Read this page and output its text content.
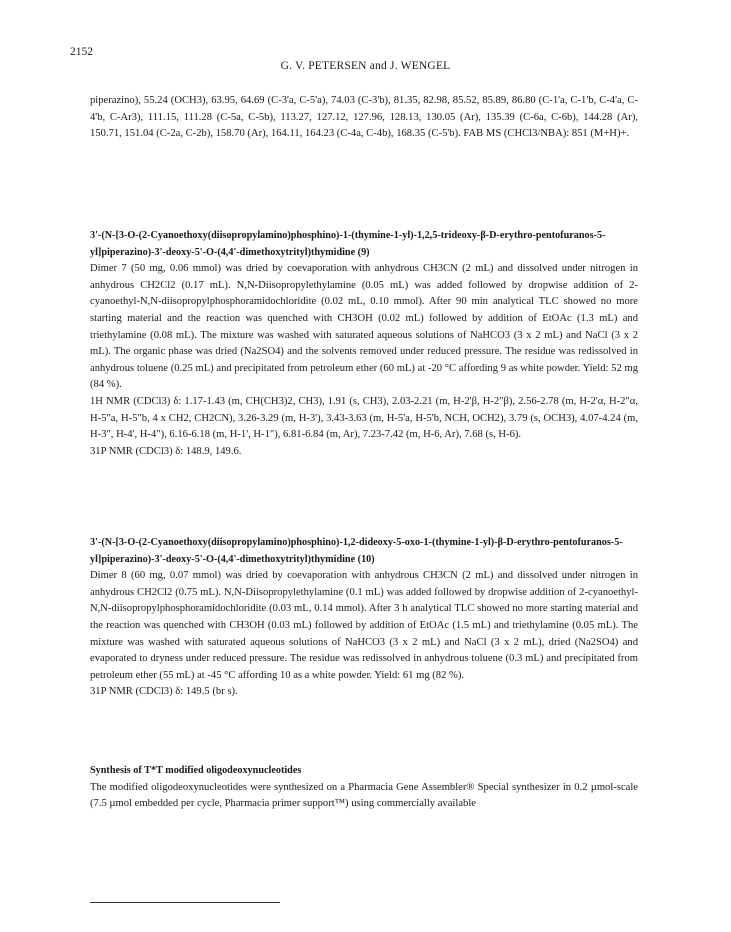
2152
G. V. PETERSEN and J. WENGEL

piperazino), 55.24 (OCH3), 63.95, 64.69 (C-3'a, C-5'a), 74.03 (C-3'b), 81.35, 82.98, 85.52, 85.89, 86.80 (C-1'a, C-1'b, C-4'a, C-4'b, C-Ar3), 111.15, 111.28 (C-5a, C-5b), 113.27, 127.12, 127.96, 128.13, 130.05 (Ar), 135.39 (C-6a, C-6b), 144.28 (Ar), 150.71, 151.04 (C-2a, C-2b), 158.70 (Ar), 164.11, 164.23 (C-4a, C-4b), 168.35 (C-5'b). FAB MS (CHCl3/NBA): 851 (M+H)+.

3'-(N-[3-O-(2-Cyanoethoxy(diisopropylamino)phosphino)-1-(thymine-1-yl)-1,2,5-trideoxy-β-D-erythro-pentofuranos-5-yl]piperazino)-3'-deoxy-5'-O-(4,4'-dimethoxytrityl)thymidine (9)

Dimer 7 (50 mg, 0.06 mmol) was dried by coevaporation with anhydrous CH3CN (2 mL) and dissolved under nitrogen in anhydrous CH2Cl2 (0.17 mL). N,N-Diisopropylethylamine (0.05 mL) was added followed by dropwise addition of 2-cyanoethyl-N,N-diisopropylphosphoramidochloridite (0.02 mL, 0.10 mmol). After 90 min analytical TLC showed no more starting material and the reaction was quenched with CH3OH (0.02 mL) followed by addition of EtOAc (1.3 mL) and triethylamine (0.08 mL). The mixture was washed with saturated aqueous solutions of NaHCO3 (3 x 2 mL) and NaCl (3 x 2 mL). The organic phase was dried (Na2SO4) and the solvents removed under reduced pressure. The residue was redissolved in anhydrous toluene (0.25 mL) and precipitated from petroleum ether (60 mL) at -20 °C affording 9 as white powder. Yield: 52 mg (84 %).

1H NMR (CDCl3) δ: 1.17-1.43 (m, CH(CH3)2, CH3), 1.91 (s, CH3), 2.03-2.21 (m, H-2'β, H-2"β), 2.56-2.78 (m, H-2'α, H-2"α, H-5"a, H-5"b, 4 x CH2, CH2CN), 3.26-3.29 (m, H-3'), 3.43-3.63 (m, H-5'a, H-5'b, NCH, OCH2), 3.79 (s, OCH3), 4.07-4.24 (m, H-3", H-4', H-4"), 6.16-6.18 (m, H-1', H-1"), 6.81-6.84 (m, Ar), 7.23-7.42 (m, H-6, Ar), 7.68 (s, H-6).

31P NMR (CDCl3) δ: 148.9, 149.6.

3'-(N-[3-O-(2-Cyanoethoxy(diisopropylamino)phosphino)-1,2-dideoxy-5-oxo-1-(thymine-1-yl)-β-D-erythro-pentofuranos-5-yl]piperazino)-3'-deoxy-5'-O-(4,4'-dimethoxytrityl)thymidine (10)

Dimer 8 (60 mg, 0.07 mmol) was dried by coevaporation with anhydrous CH3CN (2 mL) and dissolved under nitrogen in anhydrous CH2Cl2 (0.75 mL). N,N-Diisopropylethylamine (0.1 mL) was added followed by dropwise addition of 2-cyanoethyl-N,N-diisopropylphosphoramidochloridite (0.03 mL, 0.14 mmol). After 3 h analytical TLC showed no more starting material and the reaction was quenched with CH3OH (0.03 mL) followed by addition of EtOAc (1.5 mL) and triethylamine (0.05 mL). The mixture was washed with saturated aqueous solutions of NaHCO3 (3 x 2 mL) and NaCl (3 x 2 mL), dried (Na2SO4) and evaporated to dryness under reduced pressure. The residue was redissolved in anhydrous toluene (0.3 mL) and precipitated from petroleum ether (55 mL) at -45 °C affording 10 as a white powder. Yield: 61 mg (82 %).

31P NMR (CDCl3) δ: 149.5 (br s).

Synthesis of T*T modified oligodeoxynucleotides

The modified oligodeoxynucleotides were synthesized on a Pharmacia Gene Assembler® Special synthesizer in 0.2 µmol-scale (7.5 µmol embedded per cycle, Pharmacia primer support™) using commercially available
